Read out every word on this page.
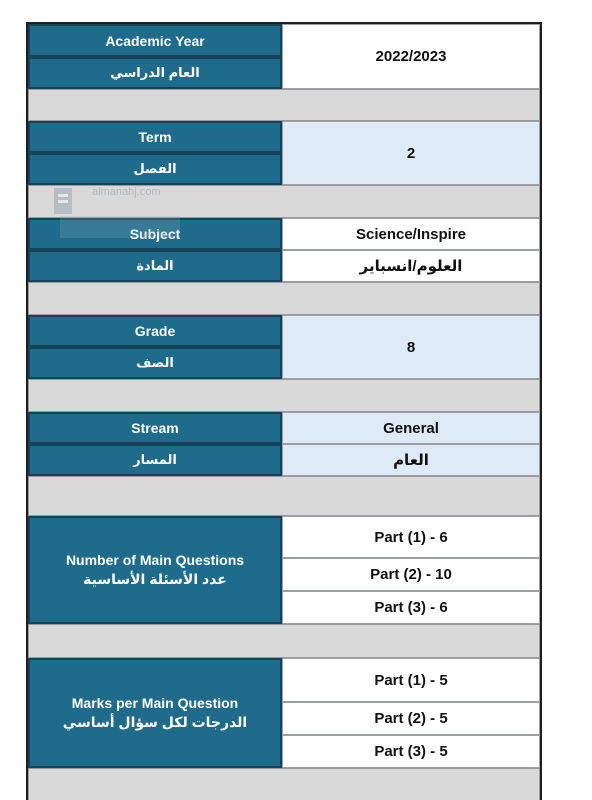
Academic Year
العام الدراسي
2022/2023
Term
الفصل
2
Subject
المادة
Science/Inspire
العلوم/انسباير
Grade
الصف
8
Stream
المسار
General
العام
Number of Main Questions
عدد الأسئلة الأساسية
Part (1) - 6
Part (2) - 10
Part (3) - 6
Marks per Main Question
الدرجات لكل سؤال أساسي
Part (1) - 5
Part (2) - 5
Part (3) - 5
almanahj.com
